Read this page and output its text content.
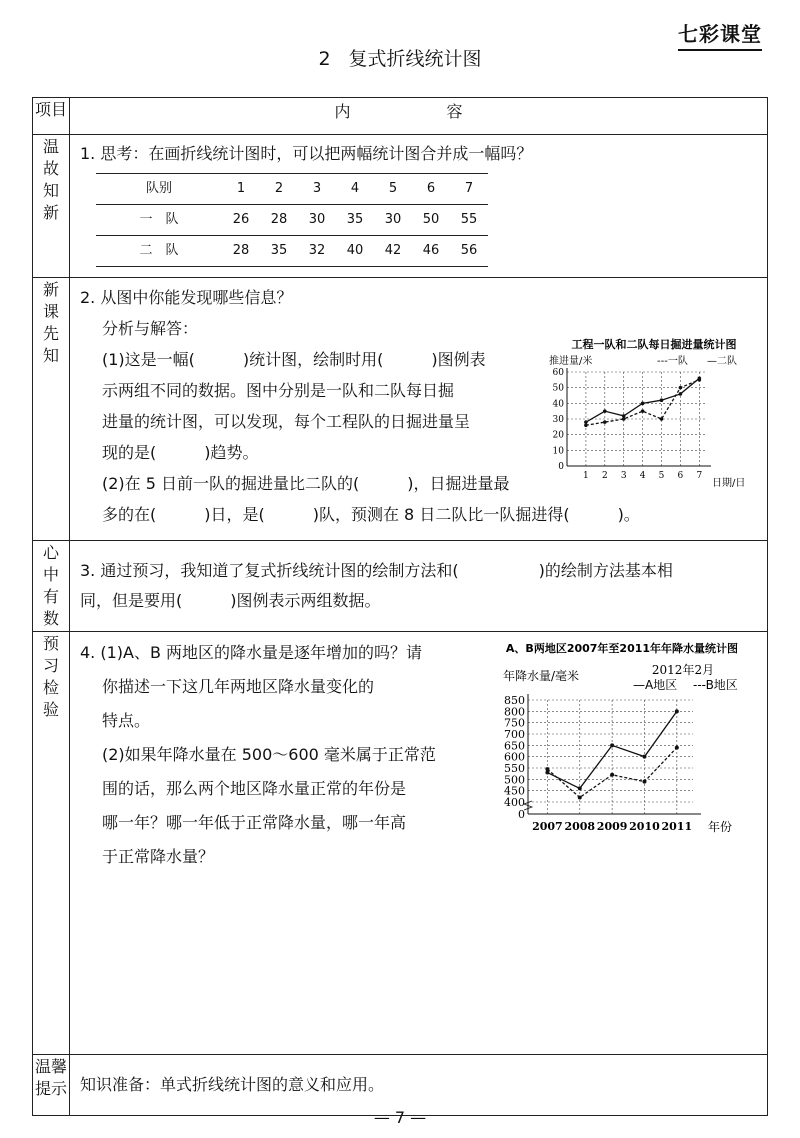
七彩课堂
2 复式折线统计图
项目	内　容

温
故
知
新

1. 思考：在画折线统计图时，可以把两幅统计图合并成一幅吗？

队别	1	2	3	4	5	6	7
一　队	26	28	30	35	30	50	55
二　队	28	35	32	40	42	46	56

新
课
先
知

2. 从图中你能发现哪些信息？

分析与解答：

(1)这是一幅(　　　)统计图，绘制时用(　　　)图例表

示两组不同的数据。图中分别是一队和二队每日掘

进量的统计图，可以发现，每个工程队的日掘进量呈

现的是(　　　)趋势。

(2)在 5 日前一队的掘进量比二队的(　　　)，日掘进量最

多的在(　　　)日，是(　　　)队，预测在 8 日二队比一队掘进得(　　　)。

工程一队和二队每日掘进量统计图
推进量/米	---一队 —二队
日期/日
0
10
20
30
40
50
60
1 2 3 4 5 6 7

心
中
有
数

3. 通过预习，我知道了复式折线统计图的绘制方法和(　　　　　)的绘制方法基本相

同，但是要用(　　　)图例表示两组数据。

预
习
检
验

4. (1)A、B 两地区的降水量是逐年增加的吗？请

你描述一下这几年两地区降水量变化的

特点。

(2)如果年降水量在 500～600 毫米属于正常范

围的话，那么两个地区降水量正常的年份是

哪一年？哪一年低于正常降水量，哪一年高

于正常降水量？

A、B两地区2007年至2011年年降水量统计图
年降水量/毫米	2012年2月
—A地区 ---B地区
年份
0
400
450
500
550
600
650
700
750
800
850
2007 2008 2009 2010 2011

温馨
提示	知识准备：单式折线统计图的意义和应用。

— 7 —
